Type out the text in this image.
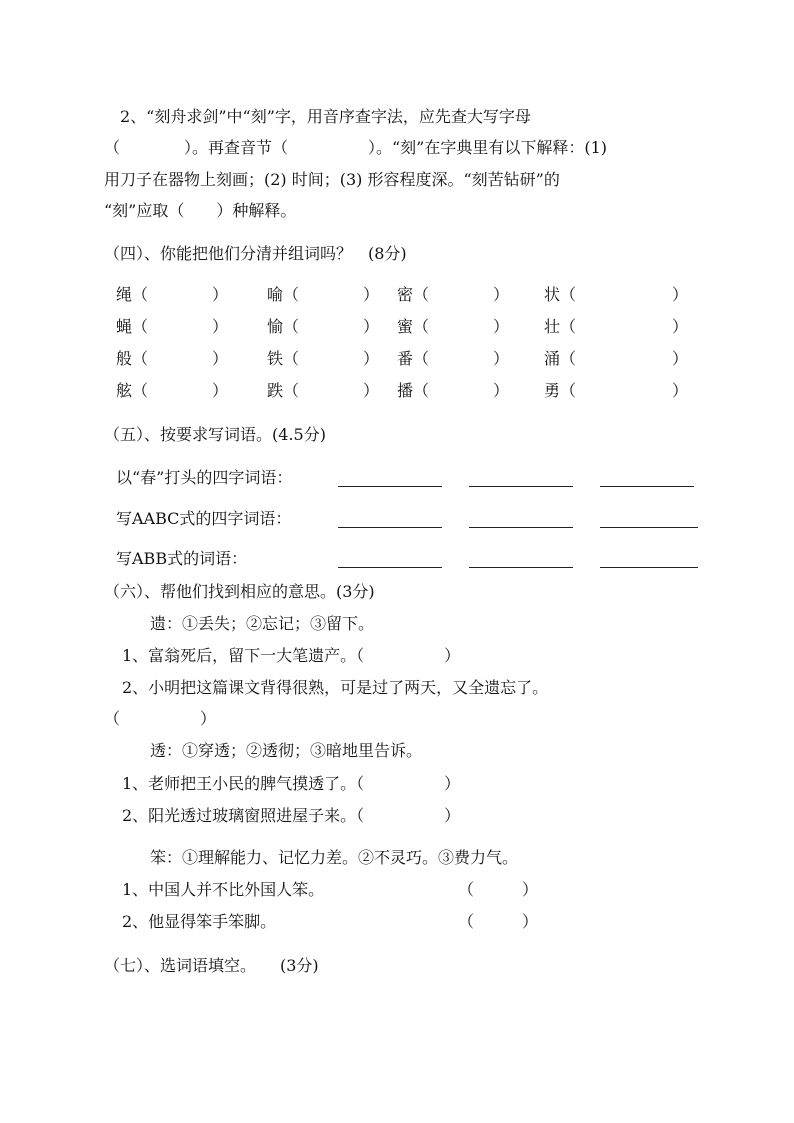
2、“刻舟求剑”中“刻”字，用音序查字法，应先查大写字母
（　　　　）。再查音节（　　　　　）。“刻”在字典里有以下解释：(1)
用刀子在器物上刻画；(2) 时间；(3) 形容程度深。“刻苦钻研”的
“刻”应取（　　）种解释。
（四）、你能把他们分清并组词吗？　(8分)
绳（　　　　） 喻（　　　　） 密（　　　　） 状（　　　　　　）
蝇（　　　　） 愉（　　　　） 蜜（　　　　） 壮（　　　　　　）
般（　　　　） 铁（　　　　） 番（　　　　） 涌（　　　　　　）
舷（　　　　） 跌（　　　　） 播（　　　　） 勇（　　　　　　）
（五）、按要求写词语。(4.5分)
以“春”打头的四字词语：
写AABC式的四字词语：
写ABB式的词语：
（六）、帮他们找到相应的意思。(3分)
遗：①丢失；②忘记；③留下。
1、富翁死后，留下一大笔遗产。（　　　　　）
2、小明把这篇课文背得很熟，可是过了两天，又全遗忘了。
（　　　　　）
透：①穿透；②透彻；③暗地里告诉。
1、老师把王小民的脾气摸透了。（　　　　　）
2、阳光透过玻璃窗照进屋子来。（　　　　　）
笨：①理解能力、记忆力差。②不灵巧。③费力气。
1、中国人并不比外国人笨。	（　　　）
2、他显得笨手笨脚。	（　　　）
（七）、选词语填空。　　(3分)
